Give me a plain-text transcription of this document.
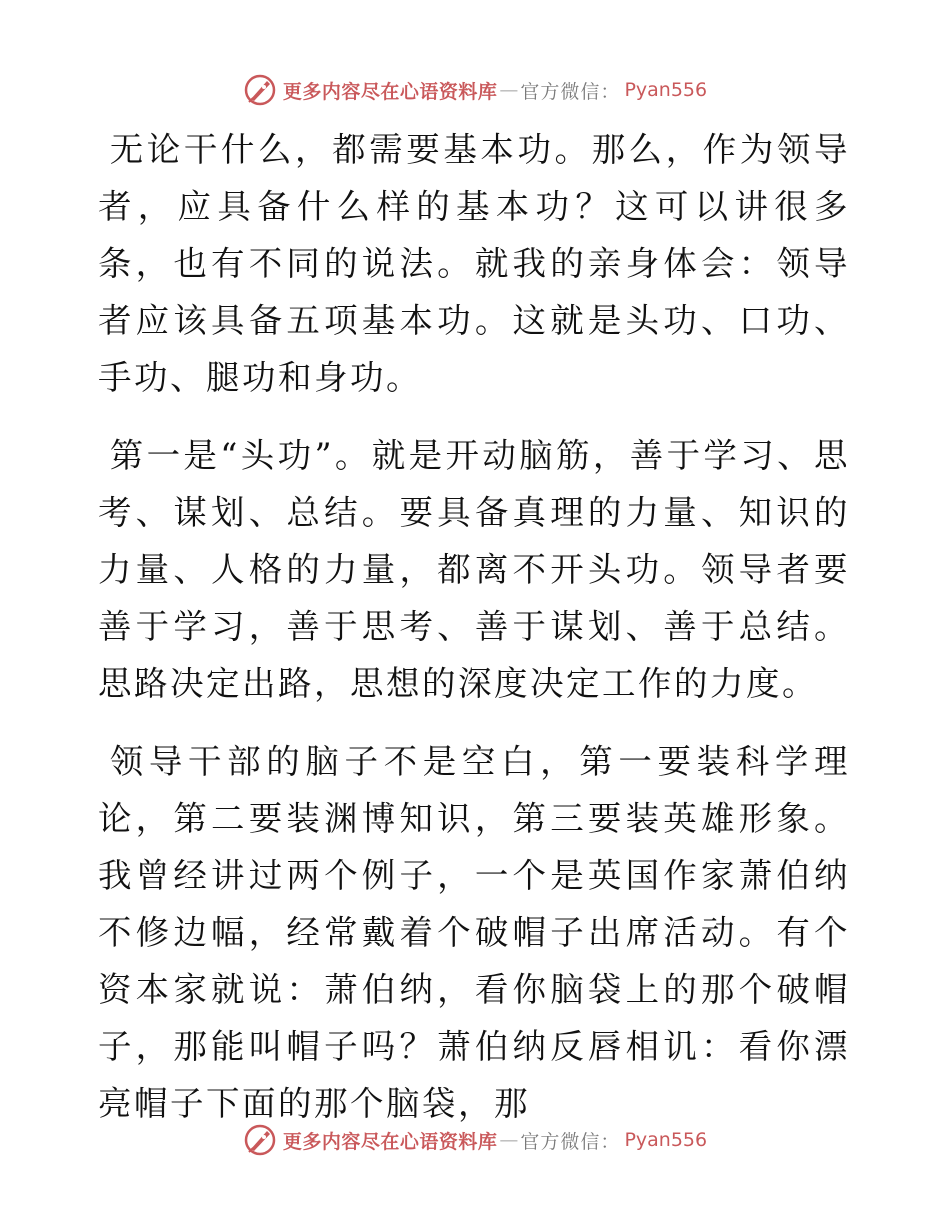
更多内容尽在心语资料库 — 官方微信： Pyan556

无论干什么，都需要基本功。那么，作为领导者，应具备什么样的基本功？这可以讲很多条，也有不同的说法。就我的亲身体会：领导者应该具备五项基本功。这就是头功、口功、手功、腿功和身功。

第一是“头功”。就是开动脑筋，善于学习、思考、谋划、总结。要具备真理的力量、知识的力量、人格的力量，都离不开头功。领导者要善于学习，善于思考、善于谋划、善于总结。思路决定出路，思想的深度决定工作的力度。

领导干部的脑子不是空白，第一要装科学理论，第二要装渊博知识，第三要装英雄形象。我曾经讲过两个例子，一个是英国作家萧伯纳不修边幅，经常戴着个破帽子出席活动。有个资本家就说：萧伯纳，看你脑袋上的那个破帽子，那能叫帽子吗？萧伯纳反唇相讥：看你漂亮帽子下面的那个脑袋，那

更多内容尽在心语资料库 — 官方微信： Pyan556
